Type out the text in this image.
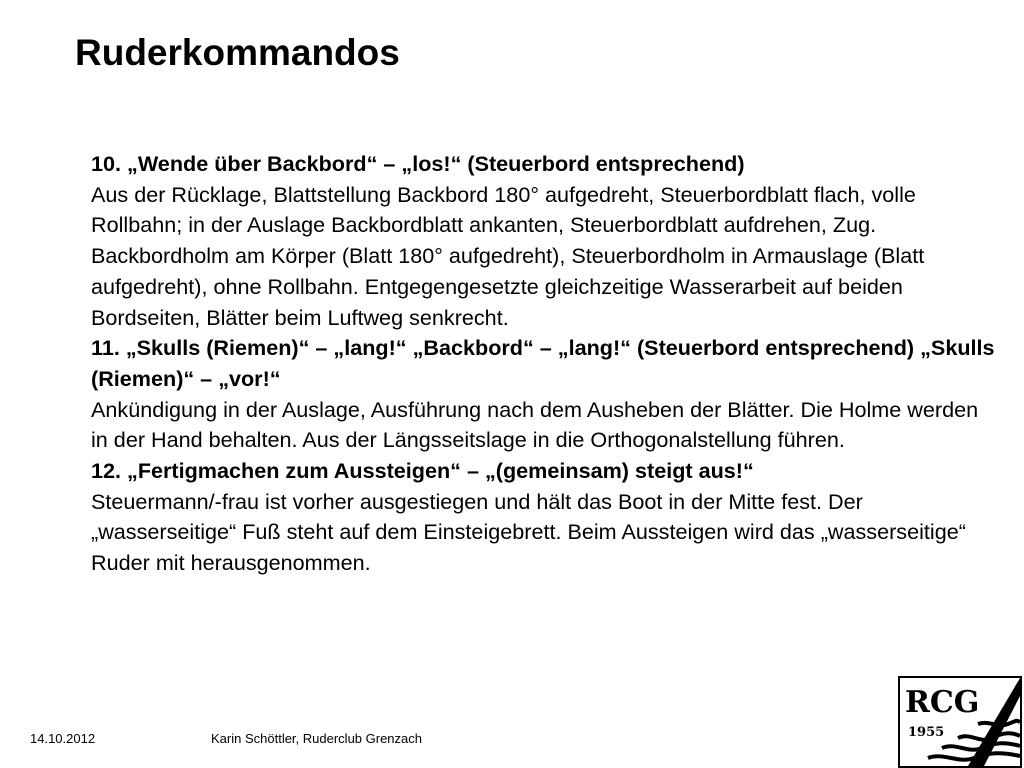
Ruderkommandos

10. „Wende über Backbord“ – „los!“ (Steuerbord entsprechend)

Aus der Rücklage, Blattstellung Backbord 180° aufgedreht, Steuerbordblatt flach, volle Rollbahn; in der Auslage Backbordblatt ankanten, Steuerbordblatt aufdrehen, Zug. Backbordholm am Körper (Blatt 180° aufgedreht), Steuerbordholm in Armauslage (Blatt aufgedreht), ohne Rollbahn. Entgegengesetzte gleichzeitige Wasserarbeit auf beiden Bordseiten, Blätter beim Luftweg senkrecht.

11. „Skulls (Riemen)“ – „lang!“ „Backbord“ – „lang!“ (Steuerbord entsprechend) „Skulls (Riemen)“ – „vor!“

Ankündigung in der Auslage, Ausführung nach dem Ausheben der Blätter. Die Holme werden in der Hand behalten. Aus der Längsseitslage in die Orthogonalstellung führen.

12. „Fertigmachen zum Aussteigen“ – „(gemeinsam) steigt aus!“

Steuermann/-frau ist vorher ausgestiegen und hält das Boot in der Mitte fest. Der „wasserseitige“ Fuß steht auf dem Einsteigebrett. Beim Aussteigen wird das „wasserseitige“ Ruder mit herausgenommen.

14.10.2012	Karin Schöttler, Ruderclub Grenzach
RCG
1955
